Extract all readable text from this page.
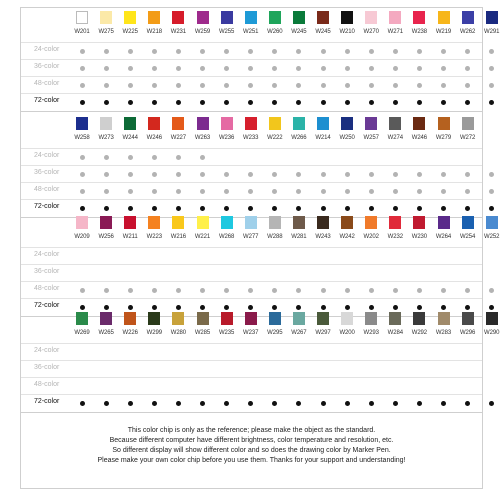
This color chip is only as the reference; please make the object as the standard.
Because different computer have different brightness, color temperature and resolution, etc.
So different display will show different color and so does the drawing color by Marker Pen.
Please make your own color chip before you use them. Thanks for your support and understanding!
W201	W275	W225	W218	W231	W259	W255	W251	W260	W245	W245	W210	W270	W271	W238	W219	W262	W291
24-color
36-color
48-color
72-color
W258	W273	W244	W246	W227	W263	W236	W233	W222	W266	W214	W250	W257	W274	W246	W279	W272
24-color
36-color
48-color
72-color
W209	W256	W211	W223	W216	W221	W268	W277	W288	W281	W243	W242	W202	W232	W230	W264	W254	W252
24-color
36-color
48-color
72-color
W269	W265	W226	W299	W280	W285	W235	W237	W295	W267	W297	W200	W293	W284	W292	W283	W296	W290
24-color
36-color
48-color
72-color
